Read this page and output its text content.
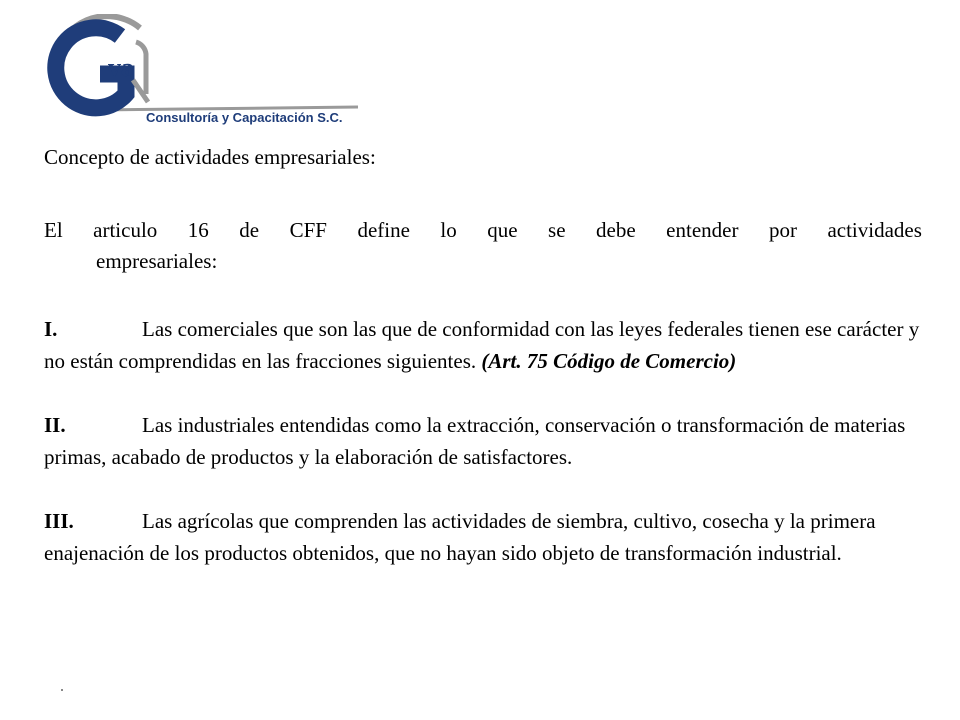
va
Consultoría y Capacitación S.C.
Concepto de actividades empresariales:
El articulo 16 de CFF define lo que se debe entender por actividades
empresariales:
I.	Las comerciales que son las que de conformidad con las leyes federales tienen ese carácter y no están comprendidas en las fracciones siguientes. (Art. 75 Código de Comercio)
II.	Las industriales entendidas como la extracción, conservación o transformación de materias primas, acabado de productos y la elaboración de satisfactores.
III.	Las agrícolas que comprenden las actividades de siembra, cultivo, cosecha y la primera enajenación de los productos obtenidos, que no hayan sido objeto de transformación industrial.
